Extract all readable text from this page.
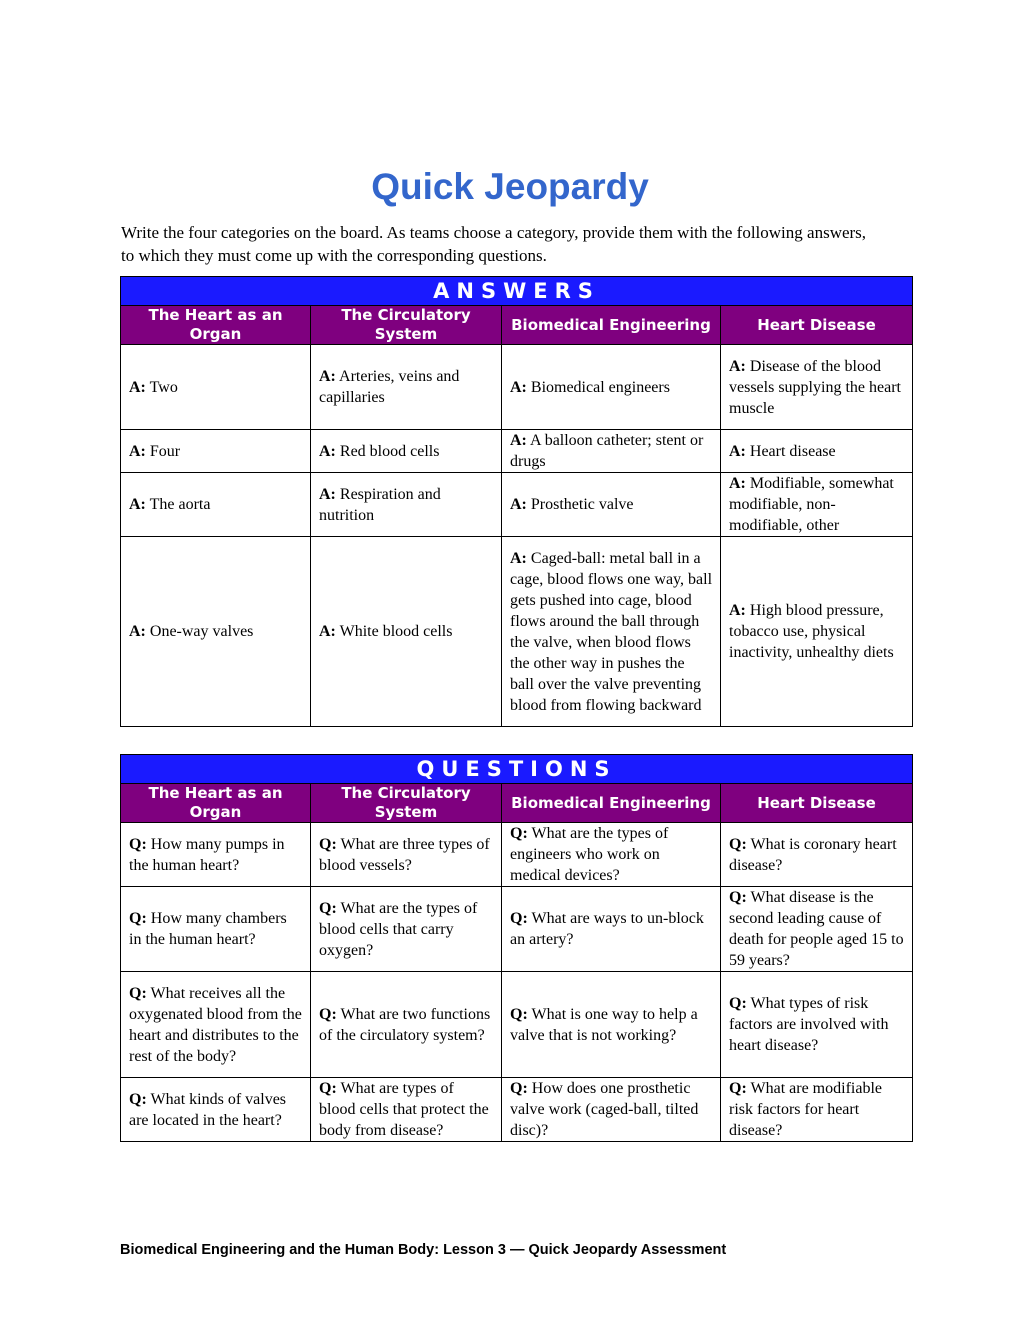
Quick Jeopardy

Write the four categories on the board. As teams choose a category, provide them with the following answers, to which they must come up with the corresponding questions.

ANSWERS			
The Heart as an Organ	The Circulatory System	Biomedical Engineering	Heart Disease
A: Two	A: Arteries, veins and capillaries	A: Biomedical engineers	A: Disease of the blood vessels supplying the heart muscle
A: Four	A: Red blood cells	A: A balloon catheter; stent or drugs	A: Heart disease
A: The aorta	A: Respiration and nutrition	A: Prosthetic valve	A: Modifiable, somewhat modifiable, non-modifiable, other
A: One-way valves	A: White blood cells	A: Caged-ball: metal ball in a cage, blood flows one way, ball gets pushed into cage, blood flows around the ball through the valve, when blood flows the other way in pushes the ball over the valve preventing blood from flowing backward	A: High blood pressure, tobacco use, physical inactivity, unhealthy diets
QUESTIONS			
The Heart as an Organ	The Circulatory System	Biomedical Engineering	Heart Disease
Q: How many pumps in the human heart?	Q: What are three types of blood vessels?	Q: What are the types of engineers who work on medical devices?	Q: What is coronary heart disease?
Q: How many chambers in the human heart?	Q: What are the types of blood cells that carry oxygen?	Q: What are ways to un-block an artery?	Q: What disease is the second leading cause of death for people aged 15 to 59 years?
Q: What receives all the oxygenated blood from the heart and distributes to the rest of the body?	Q: What are two functions of the circulatory system?	Q: What is one way to help a valve that is not working?	Q: What types of risk factors are involved with heart disease?
Q: What kinds of valves are located in the heart?	Q: What are types of blood cells that protect the body from disease?	Q: How does one prosthetic valve work (caged-ball, tilted disc)?	Q: What are modifiable risk factors for heart disease?

Biomedical Engineering and the Human Body: Lesson 3 — Quick Jeopardy Assessment
